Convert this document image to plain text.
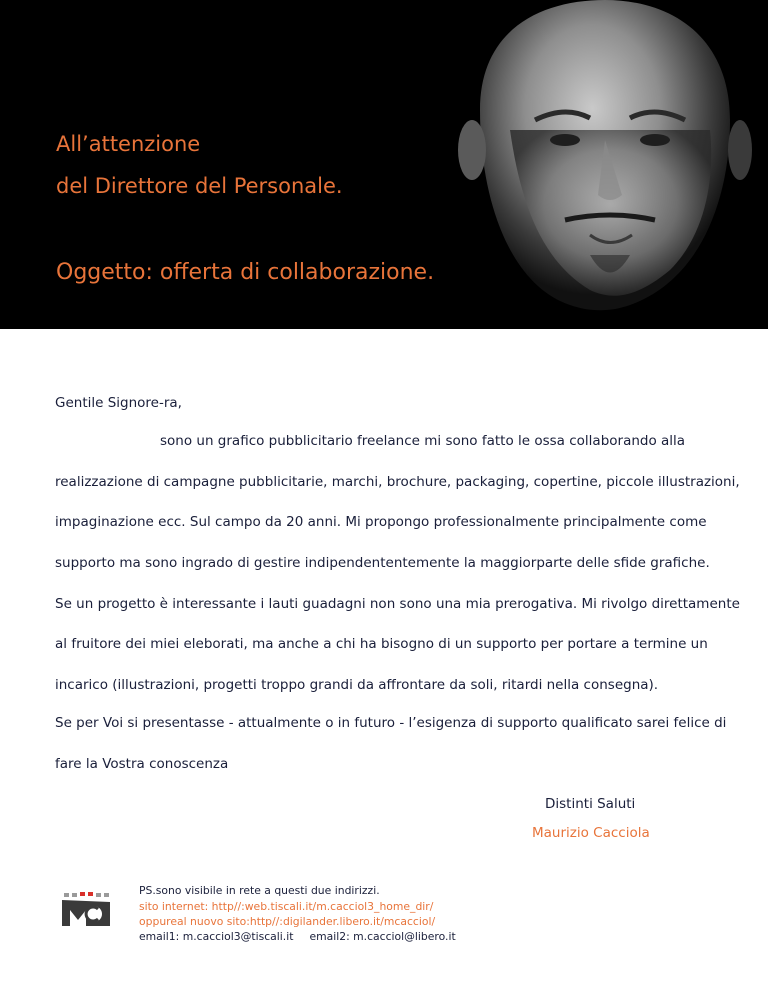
All’attenzione
del Direttore del Personale.
Oggetto: offerta di collaborazione.
Gentile Signore-ra,
sono un grafico pubblicitario freelance mi sono fatto le ossa collaborando alla
realizzazione di campagne pubblicitarie, marchi, brochure, packaging, copertine, piccole illustrazioni,
impaginazione ecc. Sul campo da 20 anni. Mi propongo professionalmente principalmente come
supporto ma sono ingrado di gestire indipendententemente la maggiorparte delle sfide grafiche.
Se un progetto è interessante i lauti guadagni non sono una mia prerogativa. Mi rivolgo direttamente
al fruitore dei miei eleborati, ma anche a chi ha bisogno di un supporto per portare a termine un
incarico (illustrazioni, progetti troppo grandi da affrontare da soli, ritardi nella consegna).
Se per Voi si presentasse - attualmente o in futuro - l’esigenza di supporto qualificato sarei felice di
fare la Vostra conoscenza
Distinti Saluti
Maurizio Cacciola
PS.sono visibile in rete a questi due indirizzi.
sito internet: http//:web.tiscali.it/m.cacciol3_home_dir/
oppureal nuovo sito:http//:digilander.libero.it/mcacciol/
email1: m.cacciol3@tiscali.it email2: m.cacciol@libero.it
